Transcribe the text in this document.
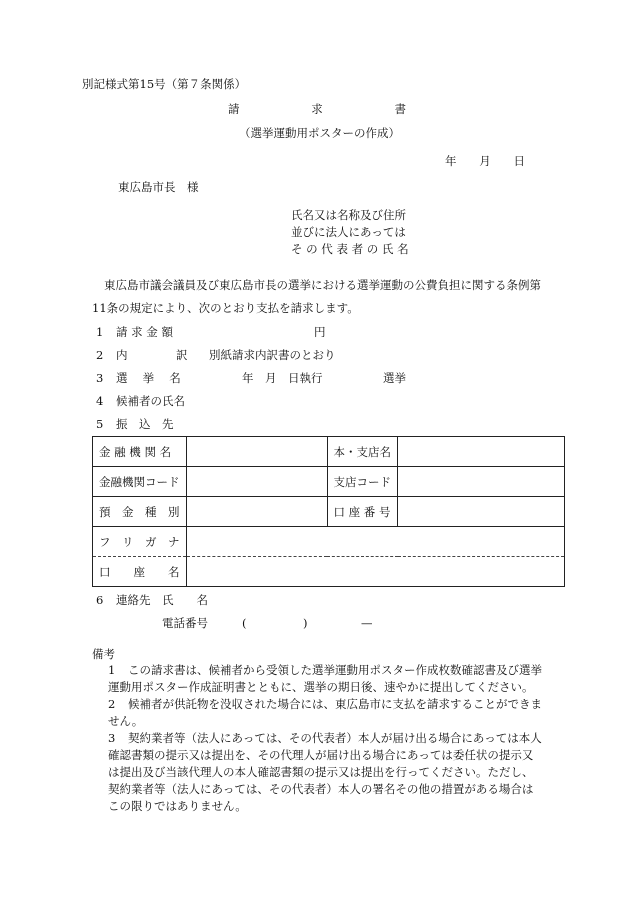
別記様式第15号（第７条関係）
請	求	書
（選挙運動用ポスターの作成）
年 月 日
東広島市長　様
氏名又は名称及び住所
並びに法人にあっては
そ の 代 表 者 の 氏 名
東広島市議会議員及び東広島市長の選挙における選挙運動の公費負担に関する条例第
11条の規定により、次のとおり支払を請求します。
1 請 求 金 額	円
2 内	訳 別紙請求内訳書のとおり
3 選　 挙 　名	年　月　日執行	選挙
4 候補者の氏名
5 振　込　先
金 融 機 関 名		本・支店名	
金融機関コード		支店コード	
預　金　種　別		口 座 番 号	
フ　リ　ガ　ナ			
口　　座　　名			
6 連絡先 氏　　名
電話番号	(	)	—
備考
1 この請求書は、候補者から受領した選挙運動用ポスター作成枚数確認書及び選挙
運動用ポスター作成証明書とともに、選挙の期日後、速やかに提出してください。
2 候補者が供託物を没収された場合には、東広島市に支払を請求することができま
せん。
3 契約業者等（法人にあっては、その代表者）本人が届け出る場合にあっては本人
確認書類の提示又は提出を、その代理人が届け出る場合にあっては委任状の提示又
は提出及び当該代理人の本人確認書類の提示又は提出を行ってください。ただし、
契約業者等（法人にあっては、その代表者）本人の署名その他の措置がある場合は
この限りではありません。
